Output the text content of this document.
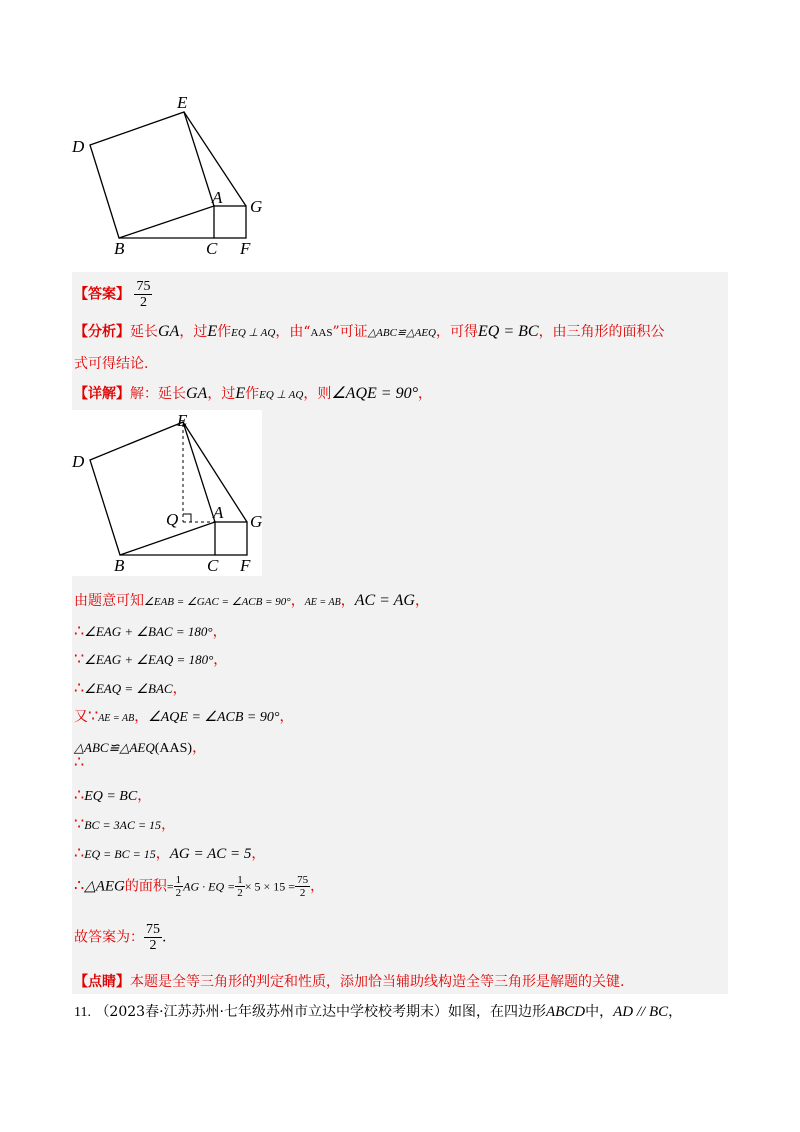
E
D
A G
B	C F
【答案】 $\frac{75}{2}$
【分析】延长GA，过E作EQ ⊥ AQ，由“AAS”可证△ABC≌△AEQ，可得EQ = BC，由三角形的面积公
式可得结论.
【详解】解：延长GA，过E作EQ ⊥ AQ，则∠AQE = 90°，
E
D
Q A G
B	C F
由题意可知∠EAB = ∠GAC = ∠ACB = 90°，AE = AB，AC = AG，
∴∠EAG + ∠BAC = 180°，
∵∠EAG + ∠EAQ = 180°，
∴∠EAQ = ∠BAC，
又∵AE = AB，∠AQE = ∠ACB = 90°，
△ABC≌△AEQ(AAS)，
∴
∴EQ = BC，
∵BC = 3AC = 15，
∴EQ = BC = 15，AG = AC = 5，
∴△AEG的面积= $\frac{1}{2}$ AG · EQ = $\frac{1}{2} \times 5 \times 15 = \frac{75}{2}$ ，
故答案为： $\frac{75}{2}$ .
【点睛】本题是全等三角形的判定和性质，添加恰当辅助线构造全等三角形是解题的关键.
11. （2023春·江苏苏州·七年级苏州市立达中学校校考期末）如图，在四边形ABCD中，AD // BC，
